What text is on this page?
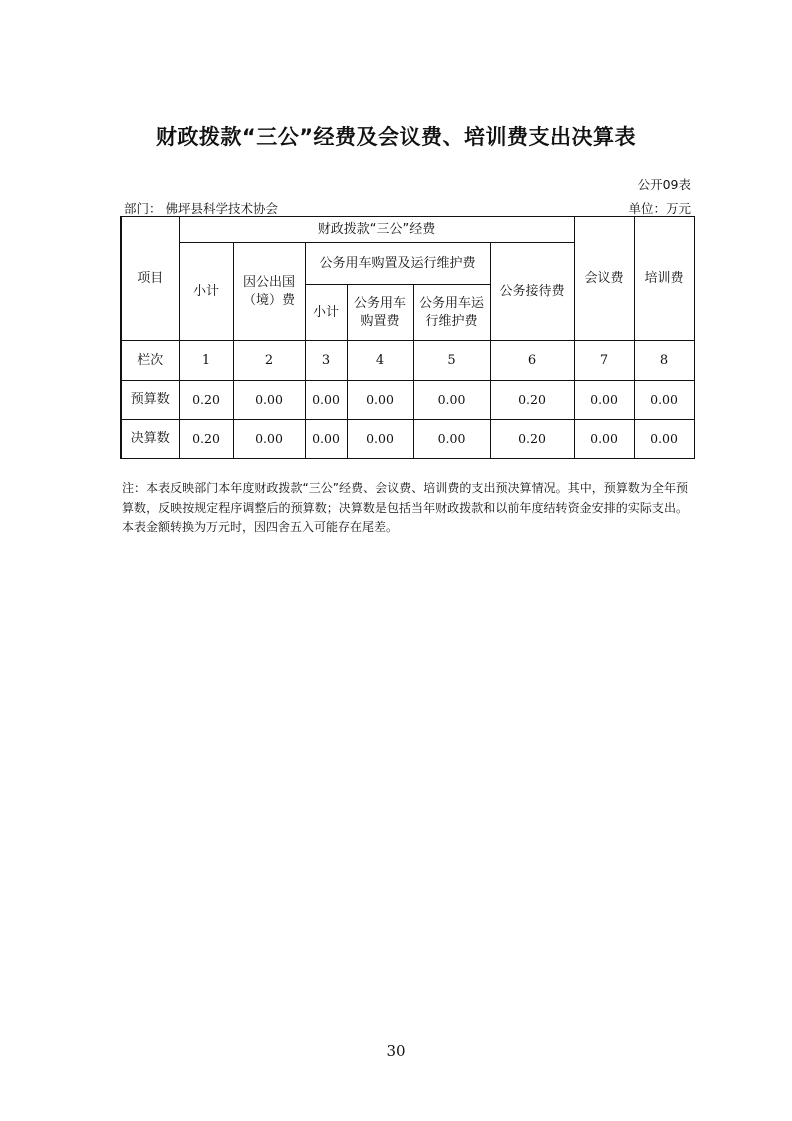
财政拨款“三公”经费及会议费、培训费支出决算表
公开09表
部门： 佛坪县科学技术协会	单位：万元
项目	财政拨款“三公”经费						会议费	培训费
	小计	因公出国（境）费	公务用车购置及运行维护费			公务接待费		
			小计	公务用车购置费	公务用车运行维护费			

栏次	1	2	3	4	5	6	7	8
预算数	0.20	0.00	0.00	0.00	0.00	0.20	0.00	0.00
决算数	0.20	0.00	0.00	0.00	0.00	0.20	0.00	0.00
注：本表反映部门本年度财政拨款“三公”经费、会议费、培训费的支出预决算情况。其中，预算数为全年预算数，反映按规定程序调整后的预算数；决算数是包括当年财政拨款和以前年度结转资金安排的实际支出。本表金额转换为万元时，因四舍五入可能存在尾差。
30
